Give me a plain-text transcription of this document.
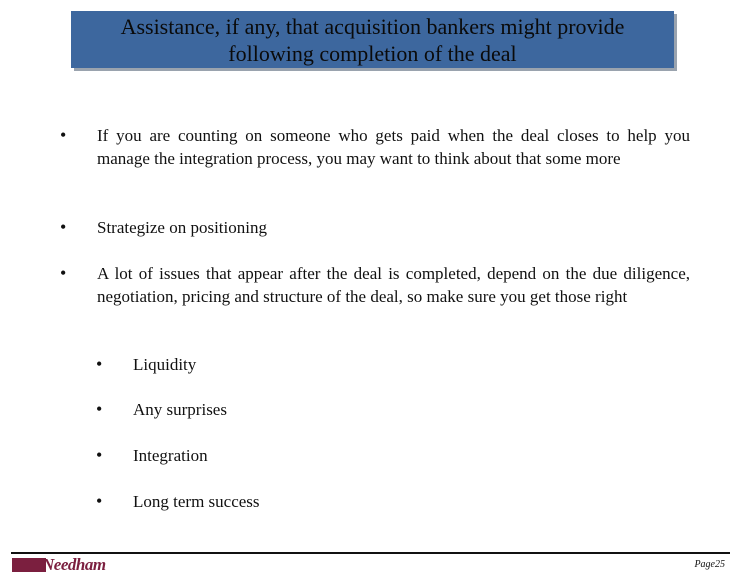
Assistance, if any, that acquisition bankers might provide
following completion of the deal
• If you are counting on someone who gets paid when the deal closes to help you manage the integration process, you may want to think about that some more
• Strategize on positioning
• A lot of issues that appear after the deal is completed, depend on the due diligence, negotiation, pricing and structure of the deal, so make sure you get those right
• Liquidity
• Any surprises
• Integration
• Long term success
Needham	Page25
